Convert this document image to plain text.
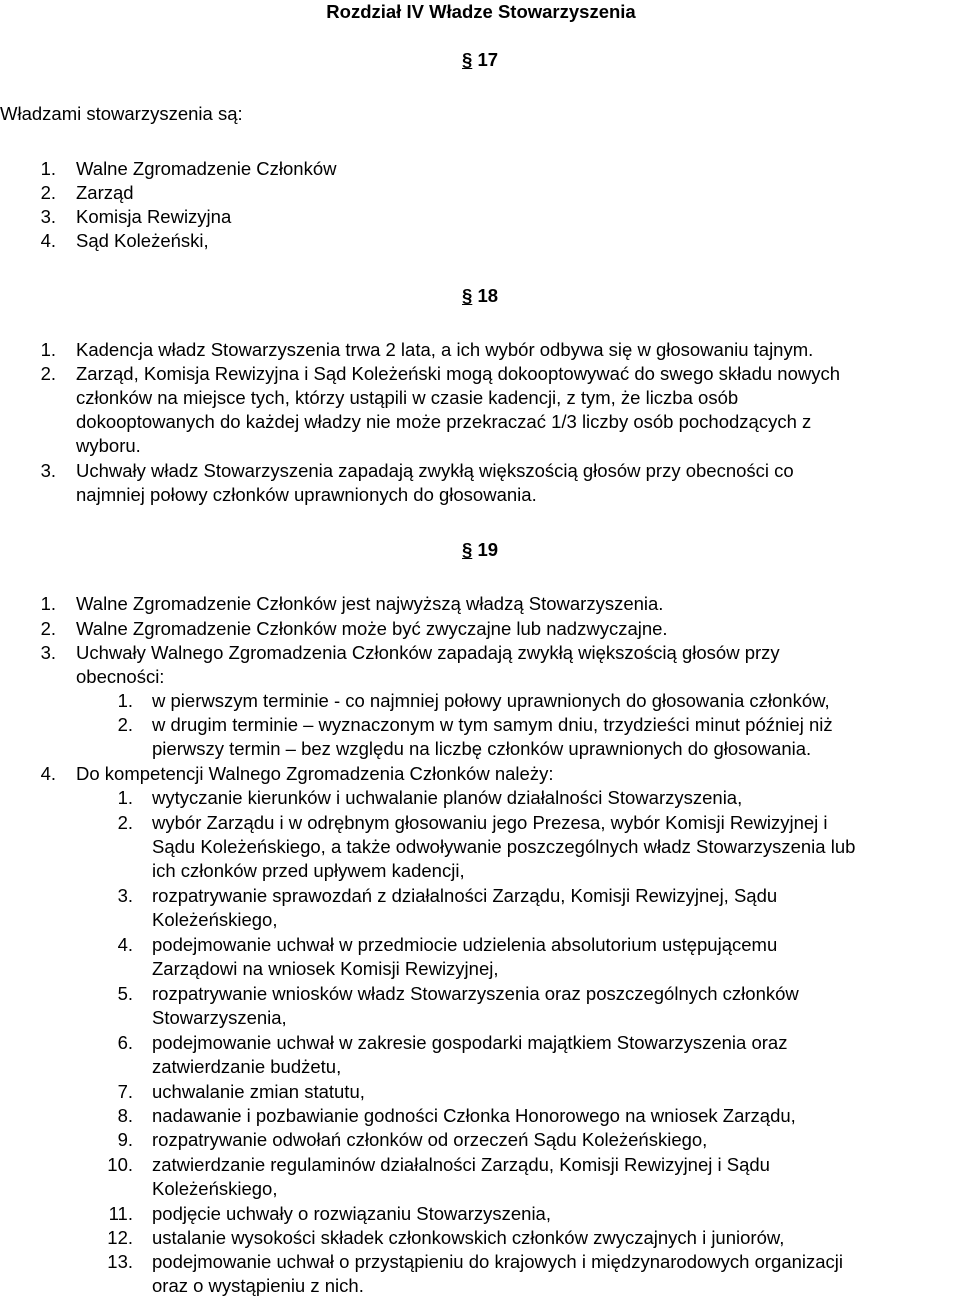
Rozdział IV Władze Stowarzyszenia
§ 17
Władzami stowarzyszenia są:
1. Walne Zgromadzenie Członków
2. Zarząd
3. Komisja Rewizyjna
4. Sąd Koleżeński,
§ 18
1. Kadencja władz Stowarzyszenia trwa 2 lata, a ich wybór odbywa się w głosowaniu tajnym.
2. Zarząd, Komisja Rewizyjna i Sąd Koleżeński mogą dokooptowywać do swego składu nowych
członków na miejsce tych, którzy ustąpili w czasie kadencji, z tym, że liczba osób
dokooptowanych do każdej władzy nie może przekraczać 1/3 liczby osób pochodzących z
wyboru.
3. Uchwały władz Stowarzyszenia zapadają zwykłą większością głosów przy obecności co
najmniej połowy członków uprawnionych do głosowania.
§ 19
1. Walne Zgromadzenie Członków jest najwyższą władzą Stowarzyszenia.
2. Walne Zgromadzenie Członków może być zwyczajne lub nadzwyczajne.
3. Uchwały Walnego Zgromadzenia Członków zapadają zwykłą większością głosów przy
obecności:
1. w pierwszym terminie - co najmniej połowy uprawnionych do głosowania członków,
2. w drugim terminie – wyznaczonym w tym samym dniu, trzydzieści minut później niż
pierwszy termin – bez względu na liczbę członków uprawnionych do głosowania.
4. Do kompetencji Walnego Zgromadzenia Członków należy:
1. wytyczanie kierunków i uchwalanie planów działalności Stowarzyszenia,
2. wybór Zarządu i w odrębnym głosowaniu jego Prezesa, wybór Komisji Rewizyjnej i
Sądu Koleżeńskiego, a także odwoływanie poszczególnych władz Stowarzyszenia lub
ich członków przed upływem kadencji,
3. rozpatrywanie sprawozdań z działalności Zarządu, Komisji Rewizyjnej, Sądu
Koleżeńskiego,
4. podejmowanie uchwał w przedmiocie udzielenia absolutorium ustępującemu
Zarządowi na wniosek Komisji Rewizyjnej,
5. rozpatrywanie wniosków władz Stowarzyszenia oraz poszczególnych członków
Stowarzyszenia,
6. podejmowanie uchwał w zakresie gospodarki majątkiem Stowarzyszenia oraz
zatwierdzanie budżetu,
7. uchwalanie zmian statutu,
8. nadawanie i pozbawianie godności Członka Honorowego na wniosek Zarządu,
9. rozpatrywanie odwołań członków od orzeczeń Sądu Koleżeńskiego,
10. zatwierdzanie regulaminów działalności Zarządu, Komisji Rewizyjnej i Sądu
Koleżeńskiego,
11. podjęcie uchwały o rozwiązaniu Stowarzyszenia,
12. ustalanie wysokości składek członkowskich członków zwyczajnych i juniorów,
13. podejmowanie uchwał o przystąpieniu do krajowych i międzynarodowych organizacji
oraz o wystąpieniu z nich.
